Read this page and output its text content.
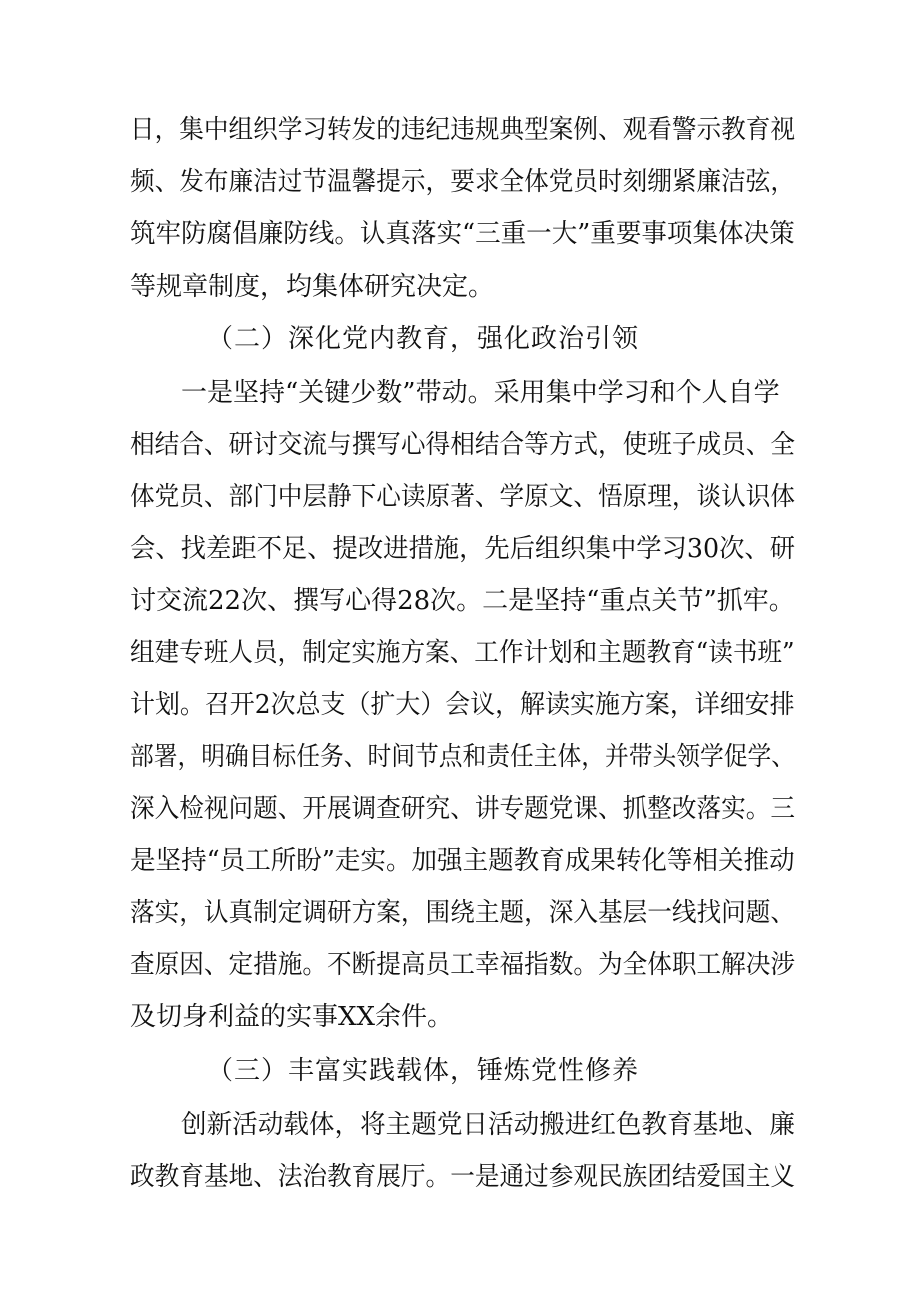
日，集中组织学习转发的违纪违规典型案例、观看警示教育视
频、发布廉洁过节温馨提示，要求全体党员时刻绷紧廉洁弦，
筑牢防腐倡廉防线。认真落实“三重一大”重要事项集体决策
等规章制度，均集体研究决定。
（二）深化党内教育，强化政治引领
一是坚持“关键少数”带动。采用集中学习和个人自学
相结合、研讨交流与撰写心得相结合等方式，使班子成员、全
体党员、部门中层静下心读原著、学原文、悟原理，谈认识体
会、找差距不足、提改进措施，先后组织集中学习30次、研
讨交流22次、撰写心得28次。二是坚持“重点关节”抓牢。
组建专班人员，制定实施方案、工作计划和主题教育“读书班”
计划。召开2次总支（扩大）会议，解读实施方案，详细安排
部署，明确目标任务、时间节点和责任主体，并带头领学促学、
深入检视问题、开展调查研究、讲专题党课、抓整改落实。三
是坚持“员工所盼”走实。加强主题教育成果转化等相关推动
落实，认真制定调研方案，围绕主题，深入基层一线找问题、
查原因、定措施。不断提高员工幸福指数。为全体职工解决涉
及切身利益的实事XX余件。
（三）丰富实践载体，锤炼党性修养
创新活动载体，将主题党日活动搬进红色教育基地、廉
政教育基地、法治教育展厅。一是通过参观民族团结爱国主义
